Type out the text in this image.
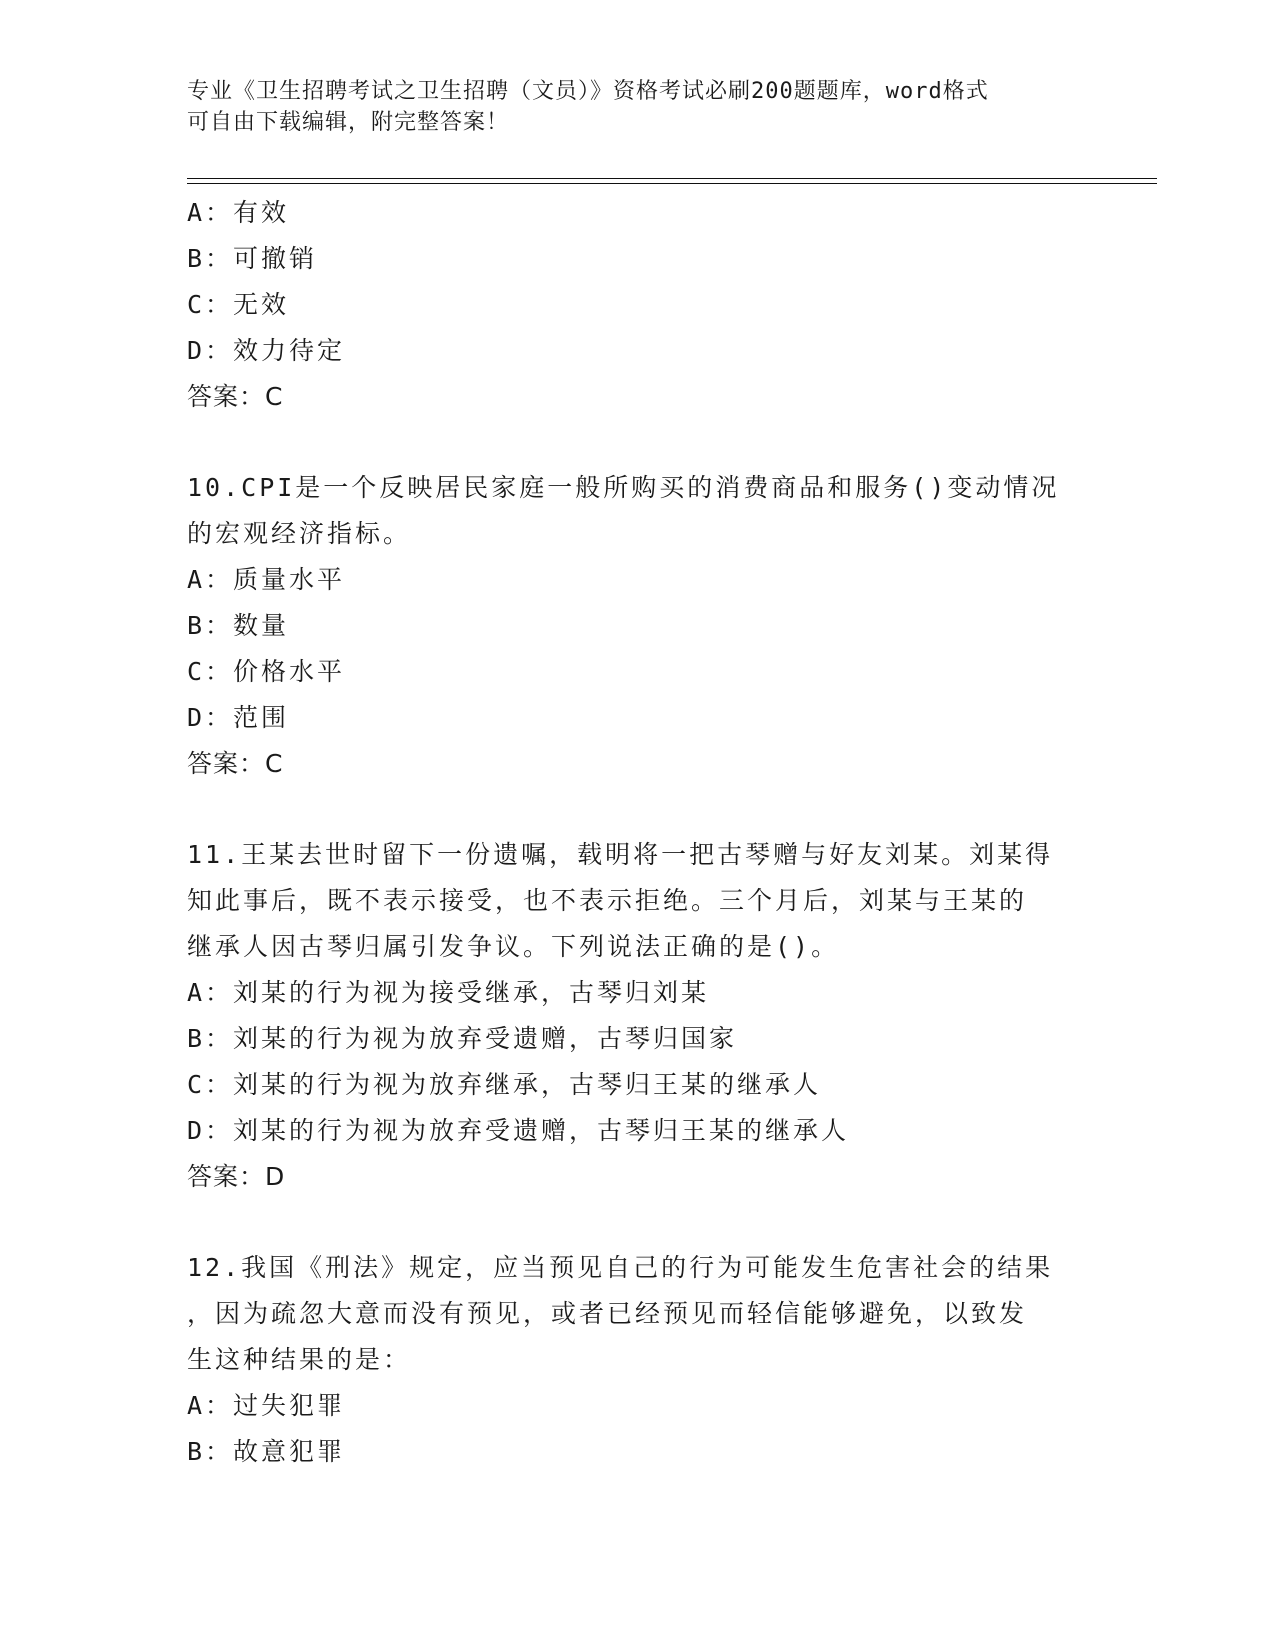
专业《卫生招聘考试之卫生招聘（文员）》资格考试必刷200题题库，word格式
可自由下载编辑，附完整答案！
A：有效
B：可撤销
C：无效
D：效力待定
答案：C
10.CPI是一个反映居民家庭一般所购买的消费商品和服务()变动情况
的宏观经济指标。
A：质量水平
B：数量
C：价格水平
D：范围
答案：C
11.王某去世时留下一份遗嘱，载明将一把古琴赠与好友刘某。刘某得
知此事后，既不表示接受，也不表示拒绝。三个月后，刘某与王某的
继承人因古琴归属引发争议。下列说法正确的是()。
A：刘某的行为视为接受继承，古琴归刘某
B：刘某的行为视为放弃受遗赠，古琴归国家
C：刘某的行为视为放弃继承，古琴归王某的继承人
D：刘某的行为视为放弃受遗赠，古琴归王某的继承人
答案：D
12.我国《刑法》规定，应当预见自己的行为可能发生危害社会的结果
，因为疏忽大意而没有预见，或者已经预见而轻信能够避免，以致发
生这种结果的是：
A：过失犯罪
B：故意犯罪
